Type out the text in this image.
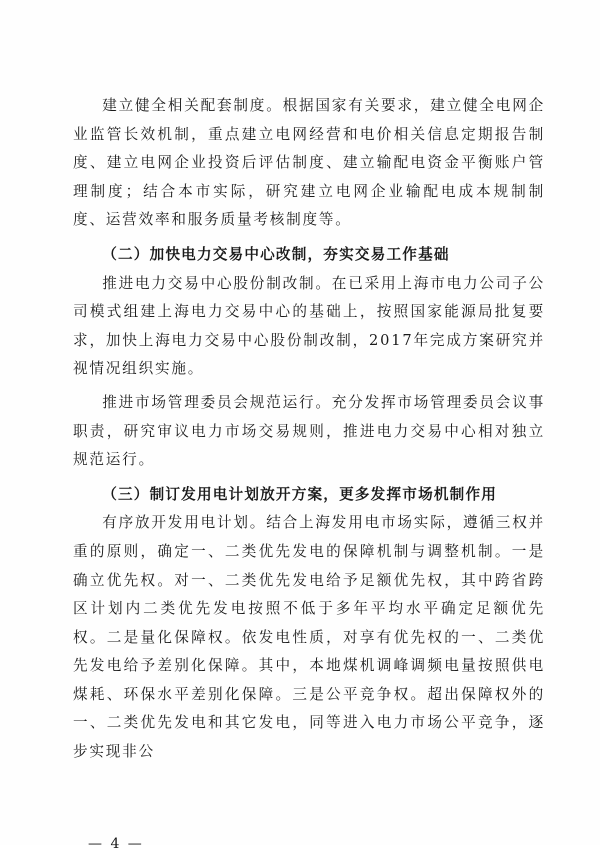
建立健全相关配套制度。根据国家有关要求，建立健全电网企业监管长效机制，重点建立电网经营和电价相关信息定期报告制度、建立电网企业投资后评估制度、建立输配电资金平衡账户管理制度；结合本市实际，研究建立电网企业输配电成本规制制度、运营效率和服务质量考核制度等。

（二）加快电力交易中心改制，夯实交易工作基础

推进电力交易中心股份制改制。在已采用上海市电力公司子公司模式组建上海电力交易中心的基础上，按照国家能源局批复要求，加快上海电力交易中心股份制改制，2017年完成方案研究并视情况组织实施。

推进市场管理委员会规范运行。充分发挥市场管理委员会议事职责，研究审议电力市场交易规则，推进电力交易中心相对独立规范运行。

（三）制订发用电计划放开方案，更多发挥市场机制作用

有序放开发用电计划。结合上海发用电市场实际，遵循三权并重的原则，确定一、二类优先发电的保障机制与调整机制。一是确立优先权。对一、二类优先发电给予足额优先权，其中跨省跨区计划内二类优先发电按照不低于多年平均水平确定足额优先权。二是量化保障权。依发电性质，对享有优先权的一、二类优先发电给予差别化保障。其中，本地煤机调峰调频电量按照供电煤耗、环保水平差别化保障。三是公平竞争权。超出保障权外的一、二类优先发电和其它发电，同等进入电力市场公平竞争，逐步实现非公

— 4 —
